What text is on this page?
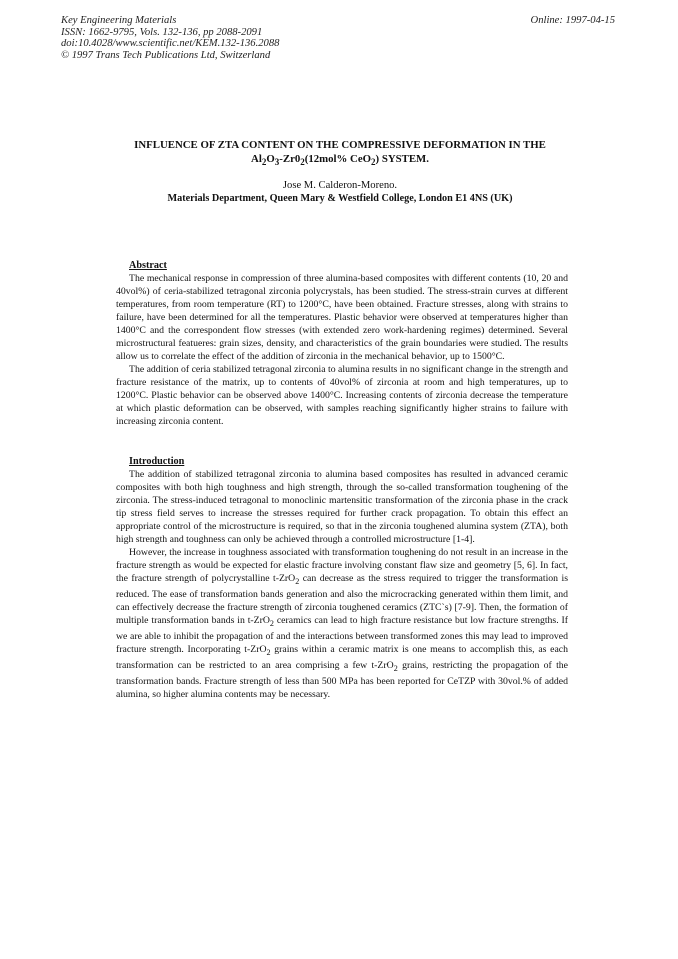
Key Engineering Materials
ISSN: 1662-9795, Vols. 132-136, pp 2088-2091
doi:10.4028/www.scientific.net/KEM.132-136.2088
© 1997 Trans Tech Publications Ltd, Switzerland
Online: 1997-04-15
INFLUENCE OF ZTA CONTENT ON THE COMPRESSIVE DEFORMATION IN THE
$Al_2O_3-Zr0_2(12mol\%$ CeO$_2$) SYSTEM.
Jose M. Calderon-Moreno.
Materials Department, Queen Mary & Westfield College, London E1 4NS (UK)
Abstract

The mechanical response in compression of three alumina-based composites with different contents (10, 20 and 40vol%) of ceria-stabilized tetragonal zirconia polycrystals, has been studied. The stress-strain curves at different temperatures, from room temperature (RT) to 1200°C, have been obtained. Fracture stresses, along with strains to failure, have been determined for all the temperatures. Plastic behavior were observed at temperatures higher than 1400°C and the correspondent flow stresses (with extended zero work-hardening regimes) determined. Several microstructural featueres: grain sizes, density, and characteristics of the grain boundaries were studied. The results allow us to correlate the effect of the addition of zirconia in the mechanical behavior, up to 1500°C.

The addition of ceria stabilized tetragonal zirconia to alumina results in no significant change in the strength and fracture resistance of the matrix, up to contents of 40vol% of zirconia at room and high temperatures, up to 1200°C. Plastic behavior can be observed above 1400°C. Increasing contents of zirconia decrease the temperature at which plastic deformation can be observed, with samples reaching significantly higher strains to failure with increasing zirconia content.

Introduction

The addition of stabilized tetragonal zirconia to alumina based composites has resulted in advanced ceramic composites with both high toughness and high strength, through the so-called transformation toughening of the zirconia. The stress-induced tetragonal to monoclinic martensitic transformation of the zirconia phase in the crack tip stress field serves to increase the stresses required for further crack propagation. To obtain this effect an appropriate control of the microstructure is required, so that in the zirconia toughened alumina system (ZTA), both high strength and toughness can only be achieved through a controlled microstructure [1-4].

However, the increase in toughness associated with transformation toughening do not result in an increase in the fracture strength as would be expected for elastic fracture involving constant flaw size and geometry [5, 6]. In fact, the fracture strength of polycrystalline t-ZrO$_2$ can decrease as the stress required to trigger the transformation is reduced. The ease of transformation bands generation and also the microcracking generated within them limit, and can effectively decrease the fracture strength of zirconia toughened ceramics (ZTC`s) [7-9]. Then, the formation of multiple transformation bands in t-ZrO$_2$ ceramics can lead to high fracture resistance but low fracture strengths. If we are able to inhibit the propagation of and the interactions between transformed zones this may lead to improved fracture strength. Incorporating t-ZrO$_2$ grains within a ceramic matrix is one means to accomplish this, as each transformation can be restricted to an area comprising a few t-ZrO$_2$ grains, restricting the propagation of the transformation bands. Fracture strength of less than 500 MPa has been reported for CeTZP with 30vol.% of added alumina, so higher alumina contents may be necessary.
